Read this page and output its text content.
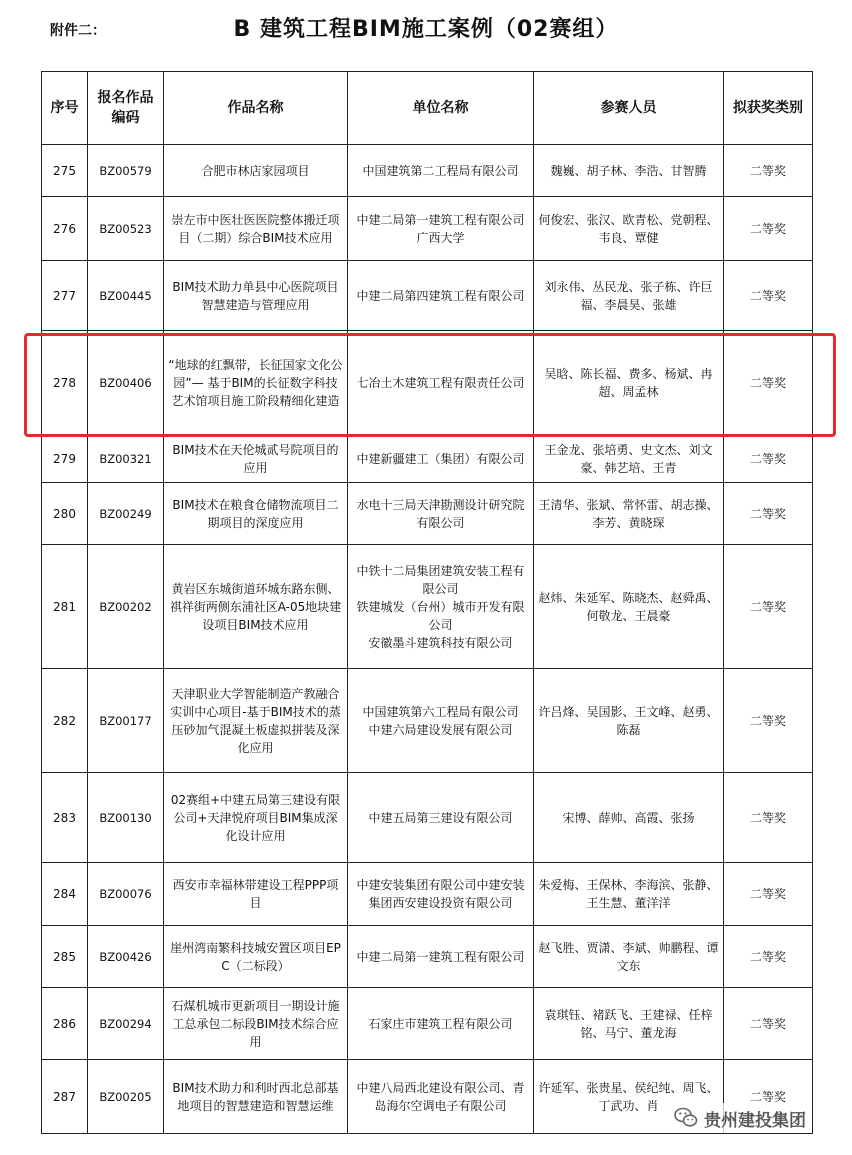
附件二：	B 建筑工程BIM施工案例（02赛组）
序号	报名作品编码	作品名称	单位名称	参赛人员	拟获奖类别
275	BZ00579	合肥市林店家园项目	中国建筑第二工程局有限公司	魏巍、胡子林、李浩、甘智腾	二等奖
276	BZ00523	崇左市中医壮医医院整体搬迁项目（二期）综合BIM技术应用	中建二局第一建筑工程有限公司
广西大学	何俊宏、张汉、欧青松、党朝程、韦良、覃健	二等奖
277	BZ00445	BIM技术助力单县中心医院项目智慧建造与管理应用	中建二局第四建筑工程有限公司	刘永伟、丛民龙、张子栋、许巨福、李晨昊、张雄	二等奖
278	BZ00406	“地球的红飘带，长征国家文化公园”— 基于BIM的长征数字科技艺术馆项目施工阶段精细化建造	七冶土木建筑工程有限责任公司	吴晗、陈长福、费多、杨斌、冉超、周孟林	二等奖
279	BZ00321	BIM技术在天伦城贰号院项目的应用	中建新疆建工（集团）有限公司	王金龙、张培勇、史文杰、刘文豪、韩艺培、王青	二等奖
280	BZ00249	BIM技术在粮食仓储物流项目二期项目的深度应用	水电十三局天津勘测设计研究院有限公司	王清华、张斌、常怀雷、胡志操、李芳、黄晓琛	二等奖
281	BZ00202	黄岩区东城街道环城东路东侧、祺祥街两侧东浦社区A-05地块建设项目BIM技术应用	中铁十二局集团建筑安装工程有限公司
铁建城发（台州）城市开发有限公司
安徽墨斗建筑科技有限公司	赵炜、朱延军、陈晓杰、赵舜禹、何敬龙、王晨豪	二等奖
282	BZ00177	天津职业大学智能制造产教融合实训中心项目-基于BIM技术的蒸压砂加气混凝土板虚拟拼装及深化应用	中国建筑第六工程局有限公司
中建六局建设发展有限公司	许吕烽、吴国影、王文峰、赵勇、陈磊	二等奖
283	BZ00130	02赛组+中建五局第三建设有限公司+天津悦府项目BIM集成深化设计应用	中建五局第三建设有限公司	宋博、薛帅、高霞、张扬	二等奖
284	BZ00076	西安市幸福林带建设工程PPP项目	中建安装集团有限公司中建安装集团西安建设投资有限公司	朱爱梅、王保林、李海滨、张静、王生慧、董洋洋	二等奖
285	BZ00426	崖州湾南繁科技城安置区项目EPC（二标段）	中建二局第一建筑工程有限公司	赵飞胜、贾潇、李斌、帅鹏程、谭文东	二等奖
286	BZ00294	石煤机城市更新项目一期设计施工总承包二标段BIM技术综合应用	石家庄市建筑工程有限公司	袁琪钰、褚跃飞、王建禄、任梓铭、马宁、董龙海	二等奖
287	BZ00205	BIM技术助力和利时西北总部基地项目的智慧建造和智慧运维	中建八局西北建设有限公司、青岛海尔空调电子有限公司	许延军、张贵星、侯纪纯、周飞、丁武功、肖	二等奖
贵州建投集团
